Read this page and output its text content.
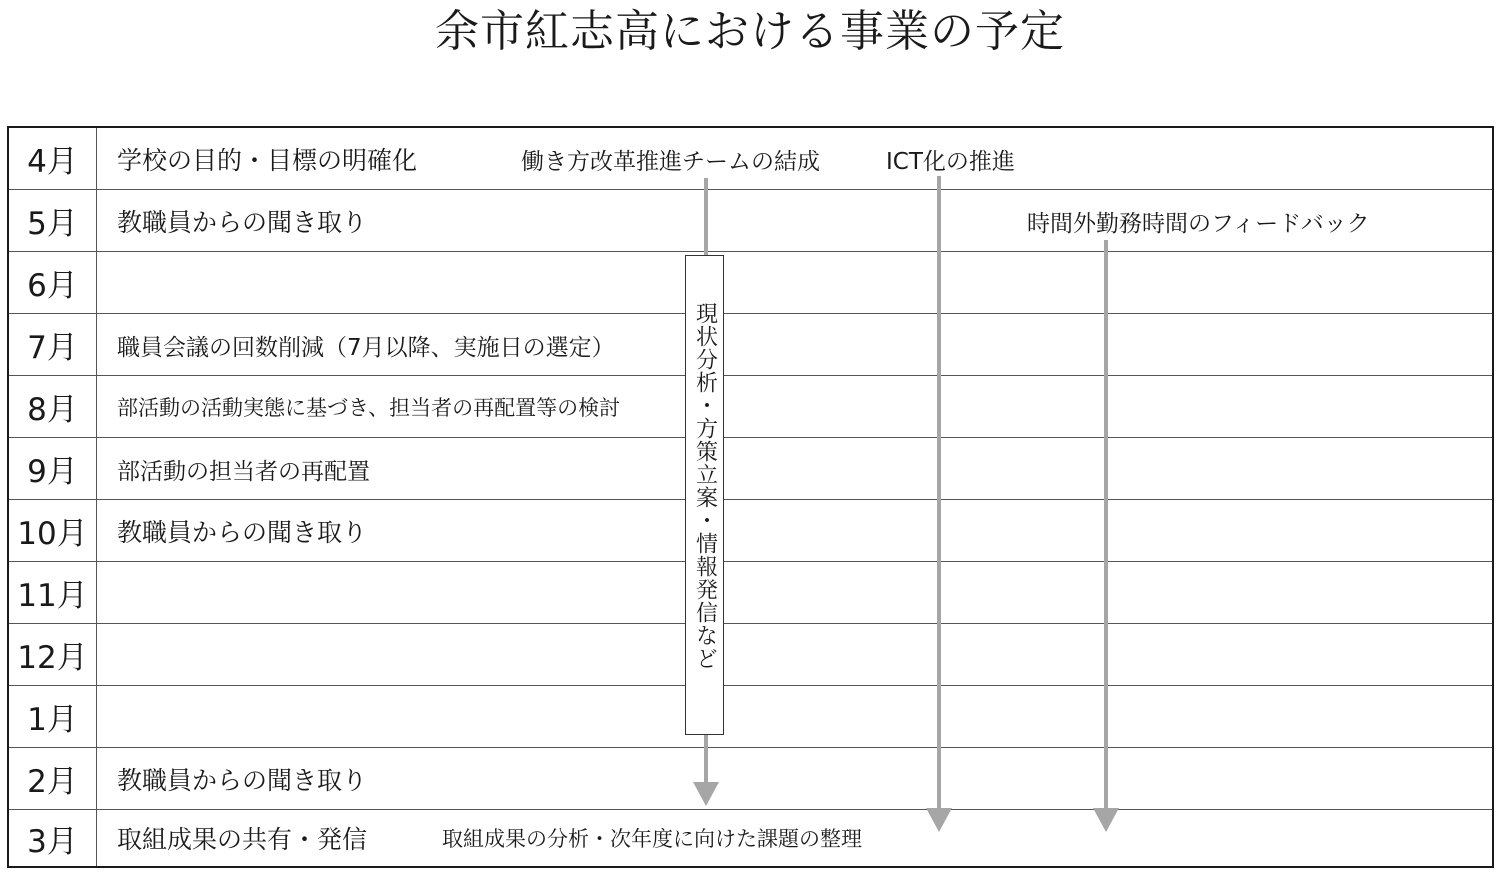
余市紅志高における事業の予定
4月	学校の目的・目標の明確化	働き方改革推進チームの結成	ICT化の推進
5月	教職員からの聞き取り	時間外勤務時間のフィードバック
6月
7月	職員会議の回数削減（7月以降、実施日の選定）
8月	部活動の活動実態に基づき、担当者の再配置等の検討
9月	部活動の担当者の再配置
10月	教職員からの聞き取り
11月
12月
1月
2月	教職員からの聞き取り
3月	取組成果の共有・発信	取組成果の分析・次年度に向けた課題の整理
現状分析・方策立案・情報発信など
